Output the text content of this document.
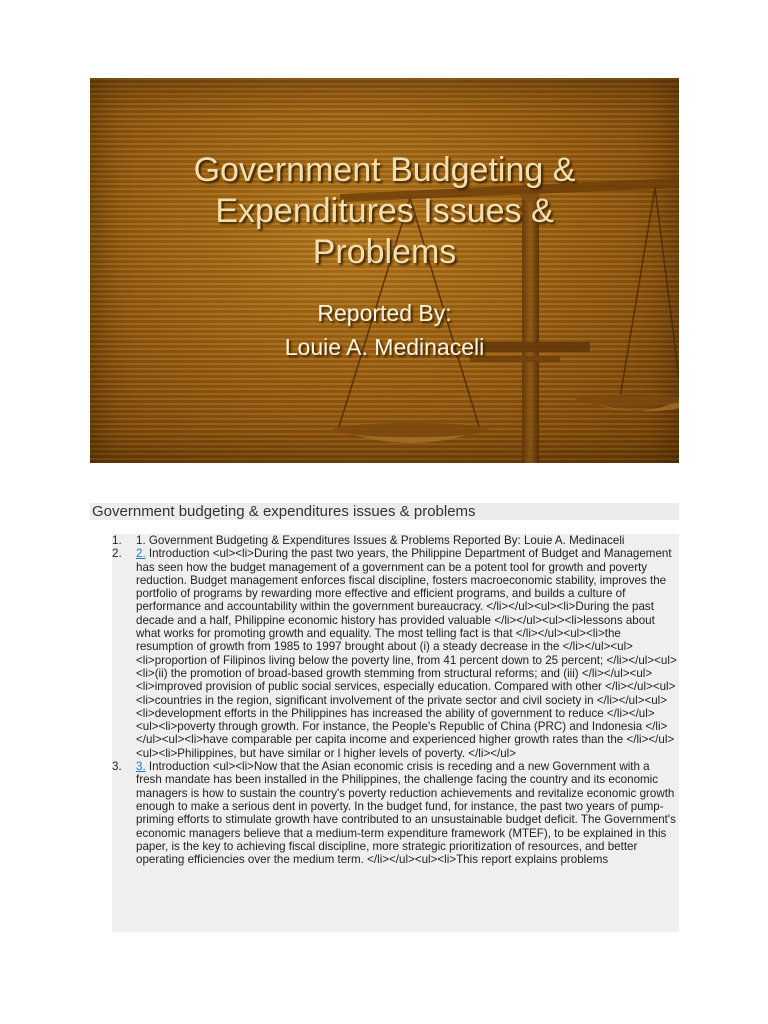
Government Budgeting &
Expenditures Issues &
Problems
Reported By:
Louie A. Medinaceli
Government budgeting & expenditures issues & problems
1. 1. Government Budgeting & Expenditures Issues & Problems Reported By: Louie A. Medinaceli
2. 2. Introduction <ul><li>During the past two years, the Philippine Department of Budget and Management has seen how the budget management of a government can be a potent tool for growth and poverty reduction. Budget management enforces fiscal discipline, fosters macroeconomic stability, improves the portfolio of programs by rewarding more effective and efficient programs, and builds a culture of performance and accountability within the government bureaucracy. </li></ul><ul><li>During the past decade and a half, Philippine economic history has provided valuable </li></ul><ul><li>lessons about what works for promoting growth and equality. The most telling fact is that </li></ul><ul><li>the resumption of growth from 1985 to 1997 brought about (i) a steady decrease in the </li></ul><ul><li>proportion of Filipinos living below the poverty line, from 41 percent down to 25 percent; </li></ul><ul><li>(ii) the promotion of broad-based growth stemming from structural reforms; and (iii) </li></ul><ul><li>improved provision of public social services, especially education. Compared with other </li></ul><ul><li>countries in the region, significant involvement of the private sector and civil society in </li></ul><ul><li>development efforts in the Philippines has increased the ability of government to reduce </li></ul><ul><li>poverty through growth. For instance, the People's Republic of China (PRC) and Indonesia </li></ul><ul><li>have comparable per capita income and experienced higher growth rates than the </li></ul><ul><li>Philippines, but have similar or l higher levels of poverty. </li></ul>
3. 3. Introduction <ul><li>Now that the Asian economic crisis is receding and a new Government with a fresh mandate has been installed in the Philippines, the challenge facing the country and its economic managers is how to sustain the country's poverty reduction achievements and revitalize economic growth enough to make a serious dent in poverty. In the budget fund, for instance, the past two years of pump-priming efforts to stimulate growth have contributed to an unsustainable budget deficit. The Government's economic managers believe that a medium-term expenditure framework (MTEF), to be explained in this paper, is the key to achieving fiscal discipline, more strategic prioritization of resources, and better operating efficiencies over the medium term. </li></ul><ul><li>This report explains problems
